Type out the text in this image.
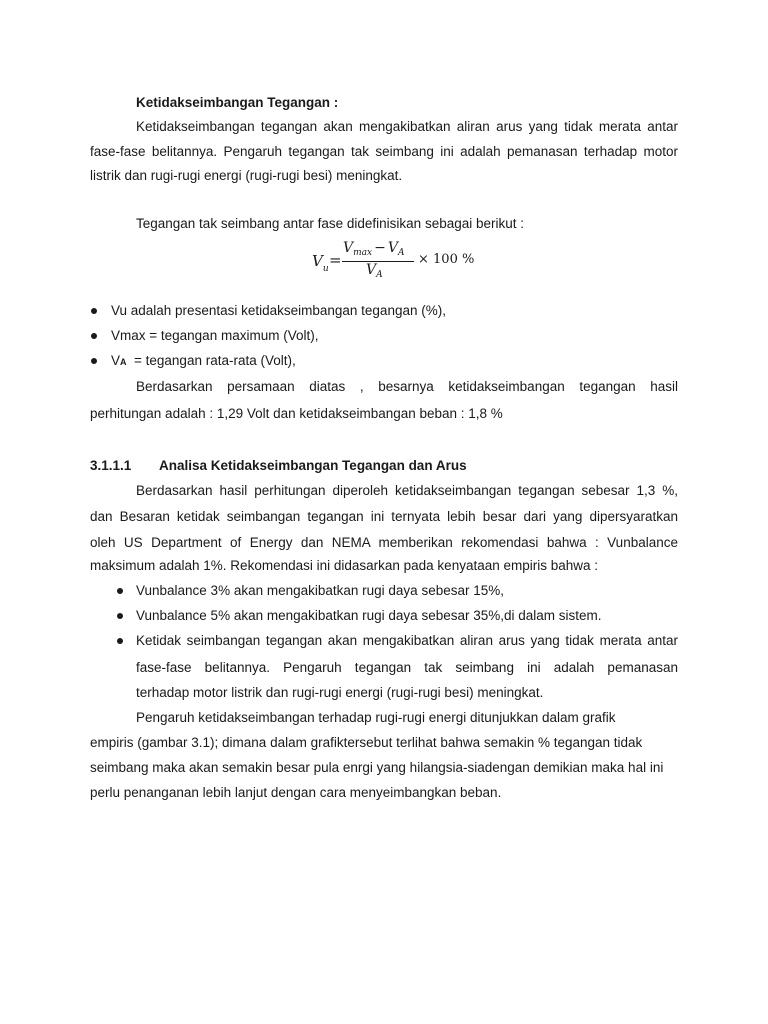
Ketidakseimbangan Tegangan :
Ketidakseimbangan tegangan akan mengakibatkan aliran arus yang tidak merata antar
fase-fase belitannya. Pengaruh tegangan tak seimbang ini adalah pemanasan terhadap motor
listrik dan rugi-rugi energi (rugi-rugi besi) meningkat.
Tegangan tak seimbang antar fase didefinisikan sebagai berikut :
$V_u$ =
$V_{max} - V_A$
$V_A$
× 100 %
Vu adalah presentasi ketidakseimbangan tegangan (%),
Vmax = tegangan maximum (Volt),
VA  = tegangan rata-rata (Volt),
Berdasarkan persamaan diatas , besarnya ketidakseimbangan tegangan hasil
perhitungan adalah : 1,29 Volt dan ketidakseimbangan beban : 1,8 %
3.1.1.1 Analisa Ketidakseimbangan Tegangan dan Arus
Berdasarkan hasil perhitungan diperoleh ketidakseimbangan tegangan sebesar 1,3 %,
dan Besaran ketidak seimbangan tegangan ini ternyata lebih besar dari yang dipersyaratkan
oleh US Department of Energy dan NEMA memberikan rekomendasi bahwa : Vunbalance
maksimum adalah 1%. Rekomendasi ini didasarkan pada kenyataan empiris bahwa :
Vunbalance 3% akan mengakibatkan rugi daya sebesar 15%,
Vunbalance 5% akan mengakibatkan rugi daya sebesar 35%,di dalam sistem.
Ketidak seimbangan tegangan akan mengakibatkan aliran arus yang tidak merata antar
fase-fase belitannya. Pengaruh tegangan tak seimbang ini adalah pemanasan
terhadap motor listrik dan rugi-rugi energi (rugi-rugi besi) meningkat.
Pengaruh ketidakseimbangan terhadap rugi-rugi energi ditunjukkan dalam grafik
empiris (gambar 3.1); dimana dalam grafiktersebut terlihat bahwa semakin % tegangan tidak
seimbang maka akan semakin besar pula enrgi yang hilangsia-siadengan demikian maka hal ini
perlu penanganan lebih lanjut dengan cara menyeimbangkan beban.
